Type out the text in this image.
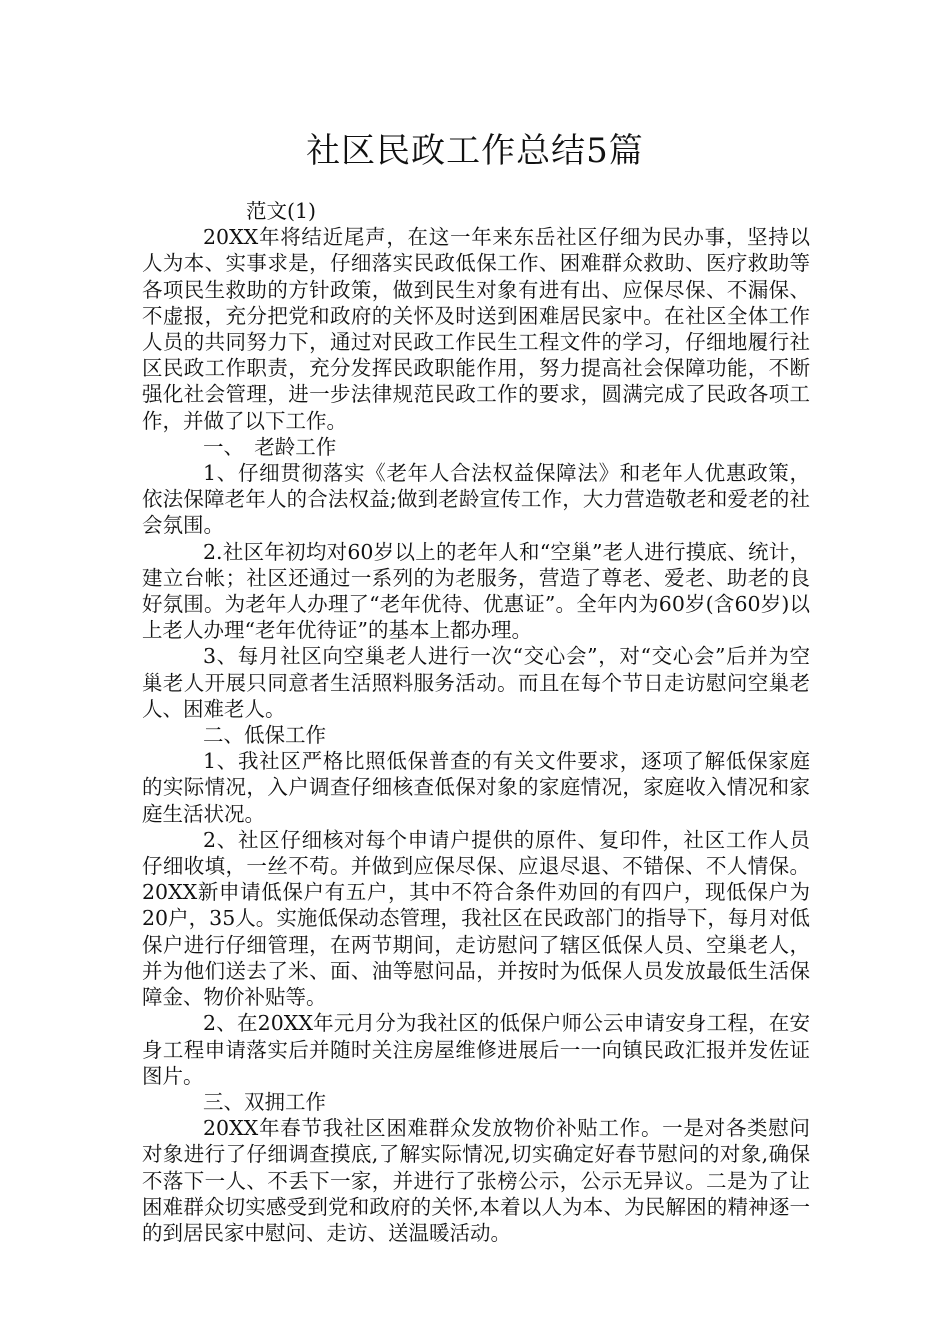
社区民政工作总结5篇

范文(1)

20XX年将结近尾声，在这一年来东岳社区仔细为民办事，坚持以人为本、实事求是，仔细落实民政低保工作、困难群众救助、医疗救助等各项民生救助的方针政策，做到民生对象有进有出、应保尽保、不漏保、不虚报，充分把党和政府的关怀及时送到困难居民家中。在社区全体工作人员的共同努力下，通过对民政工作民生工程文件的学习，仔细地履行社区民政工作职责，充分发挥民政职能作用，努力提高社会保障功能，不断强化社会管理，进一步法律规范民政工作的要求，圆满完成了民政各项工作，并做了以下工作。

一、　老龄工作

1、仔细贯彻落实《老年人合法权益保障法》和老年人优惠政策，依法保障老年人的合法权益;做到老龄宣传工作，大力营造敬老和爱老的社会氛围。

2.社区年初均对60岁以上的老年人和“空巢”老人进行摸底、统计，建立台帐；社区还通过一系列的为老服务，营造了尊老、爱老、助老的良好氛围。为老年人办理了“老年优待、优惠证”。全年内为60岁(含60岁)以上老人办理“老年优待证”的基本上都办理。

3、每月社区向空巢老人进行一次“交心会”，对“交心会”后并为空巢老人开展只同意者生活照料服务活动。而且在每个节日走访慰问空巢老人、困难老人。

二、低保工作

1、我社区严格比照低保普查的有关文件要求，逐项了解低保家庭的实际情况，入户调查仔细核查低保对象的家庭情况，家庭收入情况和家庭生活状况。

2、社区仔细核对每个申请户提供的原件、复印件，社区工作人员仔细收填，一丝不苟。并做到应保尽保、应退尽退、不错保、不人情保。 20XX新申请低保户有五户，其中不符合条件劝回的有四户，现低保户为20户，35人。实施低保动态管理，我社区在民政部门的指导下，每月对低保户进行仔细管理，在两节期间，走访慰问了辖区低保人员、空巢老人，并为他们送去了米、面、油等慰问品，并按时为低保人员发放最低生活保障金、物价补贴等。

2、在20XX年元月分为我社区的低保户师公云申请安身工程，在安身工程申请落实后并随时关注房屋维修进展后一一向镇民政汇报并发佐证图片。

三、双拥工作

20XX年春节我社区困难群众发放物价补贴工作。一是对各类慰问对象进行了仔细调查摸底,了解实际情况,切实确定好春节慰问的对象,确保不落下一人、不丢下一家，并进行了张榜公示，公示无异议。二是为了让困难群众切实感受到党和政府的关怀,本着以人为本、为民解困的精神逐一的到居民家中慰问、走访、送温暖活动。
